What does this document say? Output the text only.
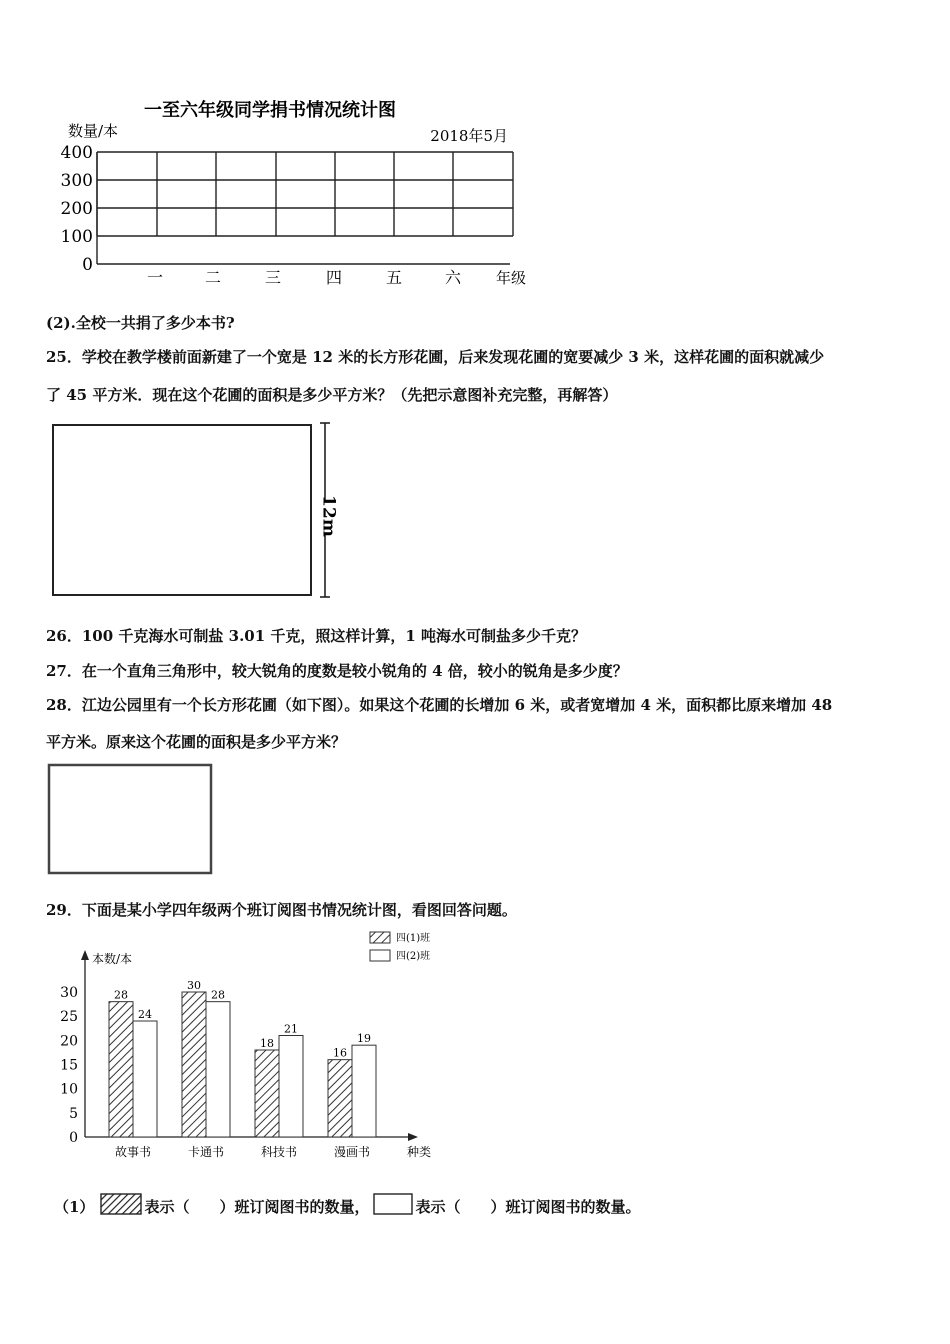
一至六年级同学捐书情况统计图
数量/本	2018年5月
0
100
200
300
400
一	二	三	四	五	六 年级
(2).全校一共捐了多少本书?
25．学校在教学楼前面新建了一个宽是 12 米的长方形花圃，后来发现花圃的宽要减少 3 米，这样花圃的面积就减少
了 45 平方米．现在这个花圃的面积是多少平方米？（先把示意图补充完整，再解答）
12m
26．100 千克海水可制盐 3.01 千克，照这样计算，1 吨海水可制盐多少千克？
27．在一个直角三角形中，较大锐角的度数是较小锐角的 4 倍，较小的锐角是多少度？
28．江边公园里有一个长方形花圃（如下图）。如果这个花圃的长增加 6 米，或者宽增加 4 米，面积都比原来增加 48
平方米。原来这个花圃的面积是多少平方米？
29．下面是某小学四年级两个班订阅图书情况统计图，看图回答问题。
四(1)班
四(2)班
本数/本
种类
0
5
10
15
20
25
30	28
24
30
28
18
21
16
19
故事书	卡通书	科技书	漫画书
（1）	表示（　　）班订阅图书的数量，	表示（　　）班订阅图书的数量。
